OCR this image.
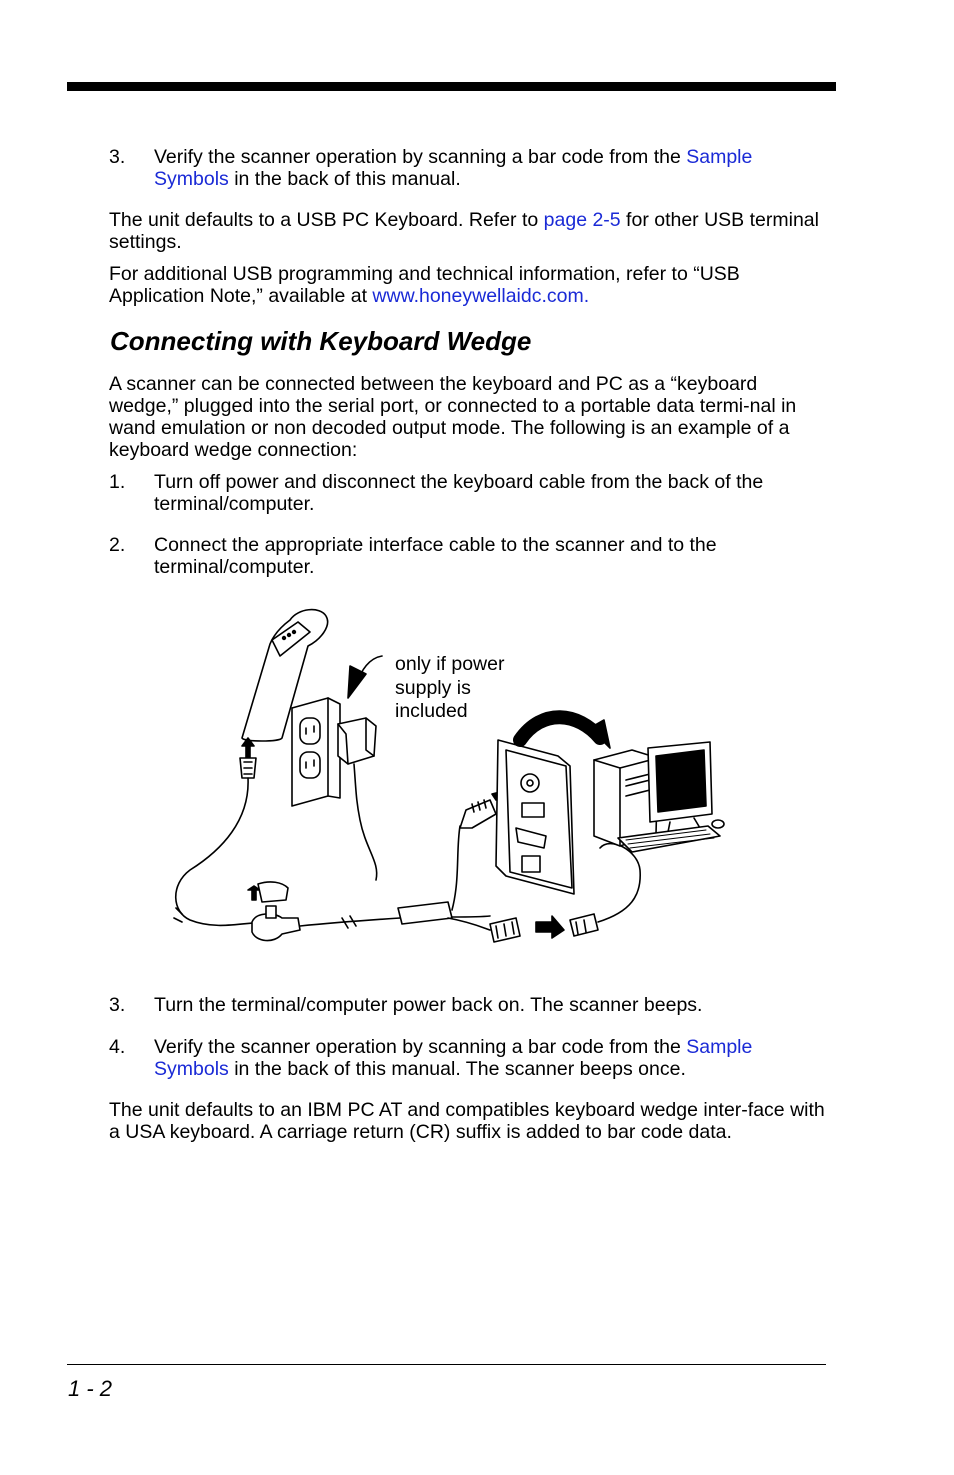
3. Verify the scanner operation by scanning a bar code from the Sample Symbols in the back of this manual.
The unit defaults to a USB PC Keyboard. Refer to page 2-5 for other USB terminal settings.
For additional USB programming and technical information, refer to “USB Application Note,” available at www.honeywellaidc.com.
Connecting with Keyboard Wedge
A scanner can be connected between the keyboard and PC as a “keyboard wedge,” plugged into the serial port, or connected to a portable data termi-nal in wand emulation or non decoded output mode. The following is an example of a keyboard wedge connection:
1. Turn off power and disconnect the keyboard cable from the back of the terminal/computer.
2. Connect the appropriate interface cable to the scanner and to the terminal/computer.
only if power supply is included
3. Turn the terminal/computer power back on. The scanner beeps.
4. Verify the scanner operation by scanning a bar code from the Sample Symbols in the back of this manual. The scanner beeps once.
The unit defaults to an IBM PC AT and compatibles keyboard wedge inter-face with a USA keyboard. A carriage return (CR) suffix is added to bar code data.
1 - 2
